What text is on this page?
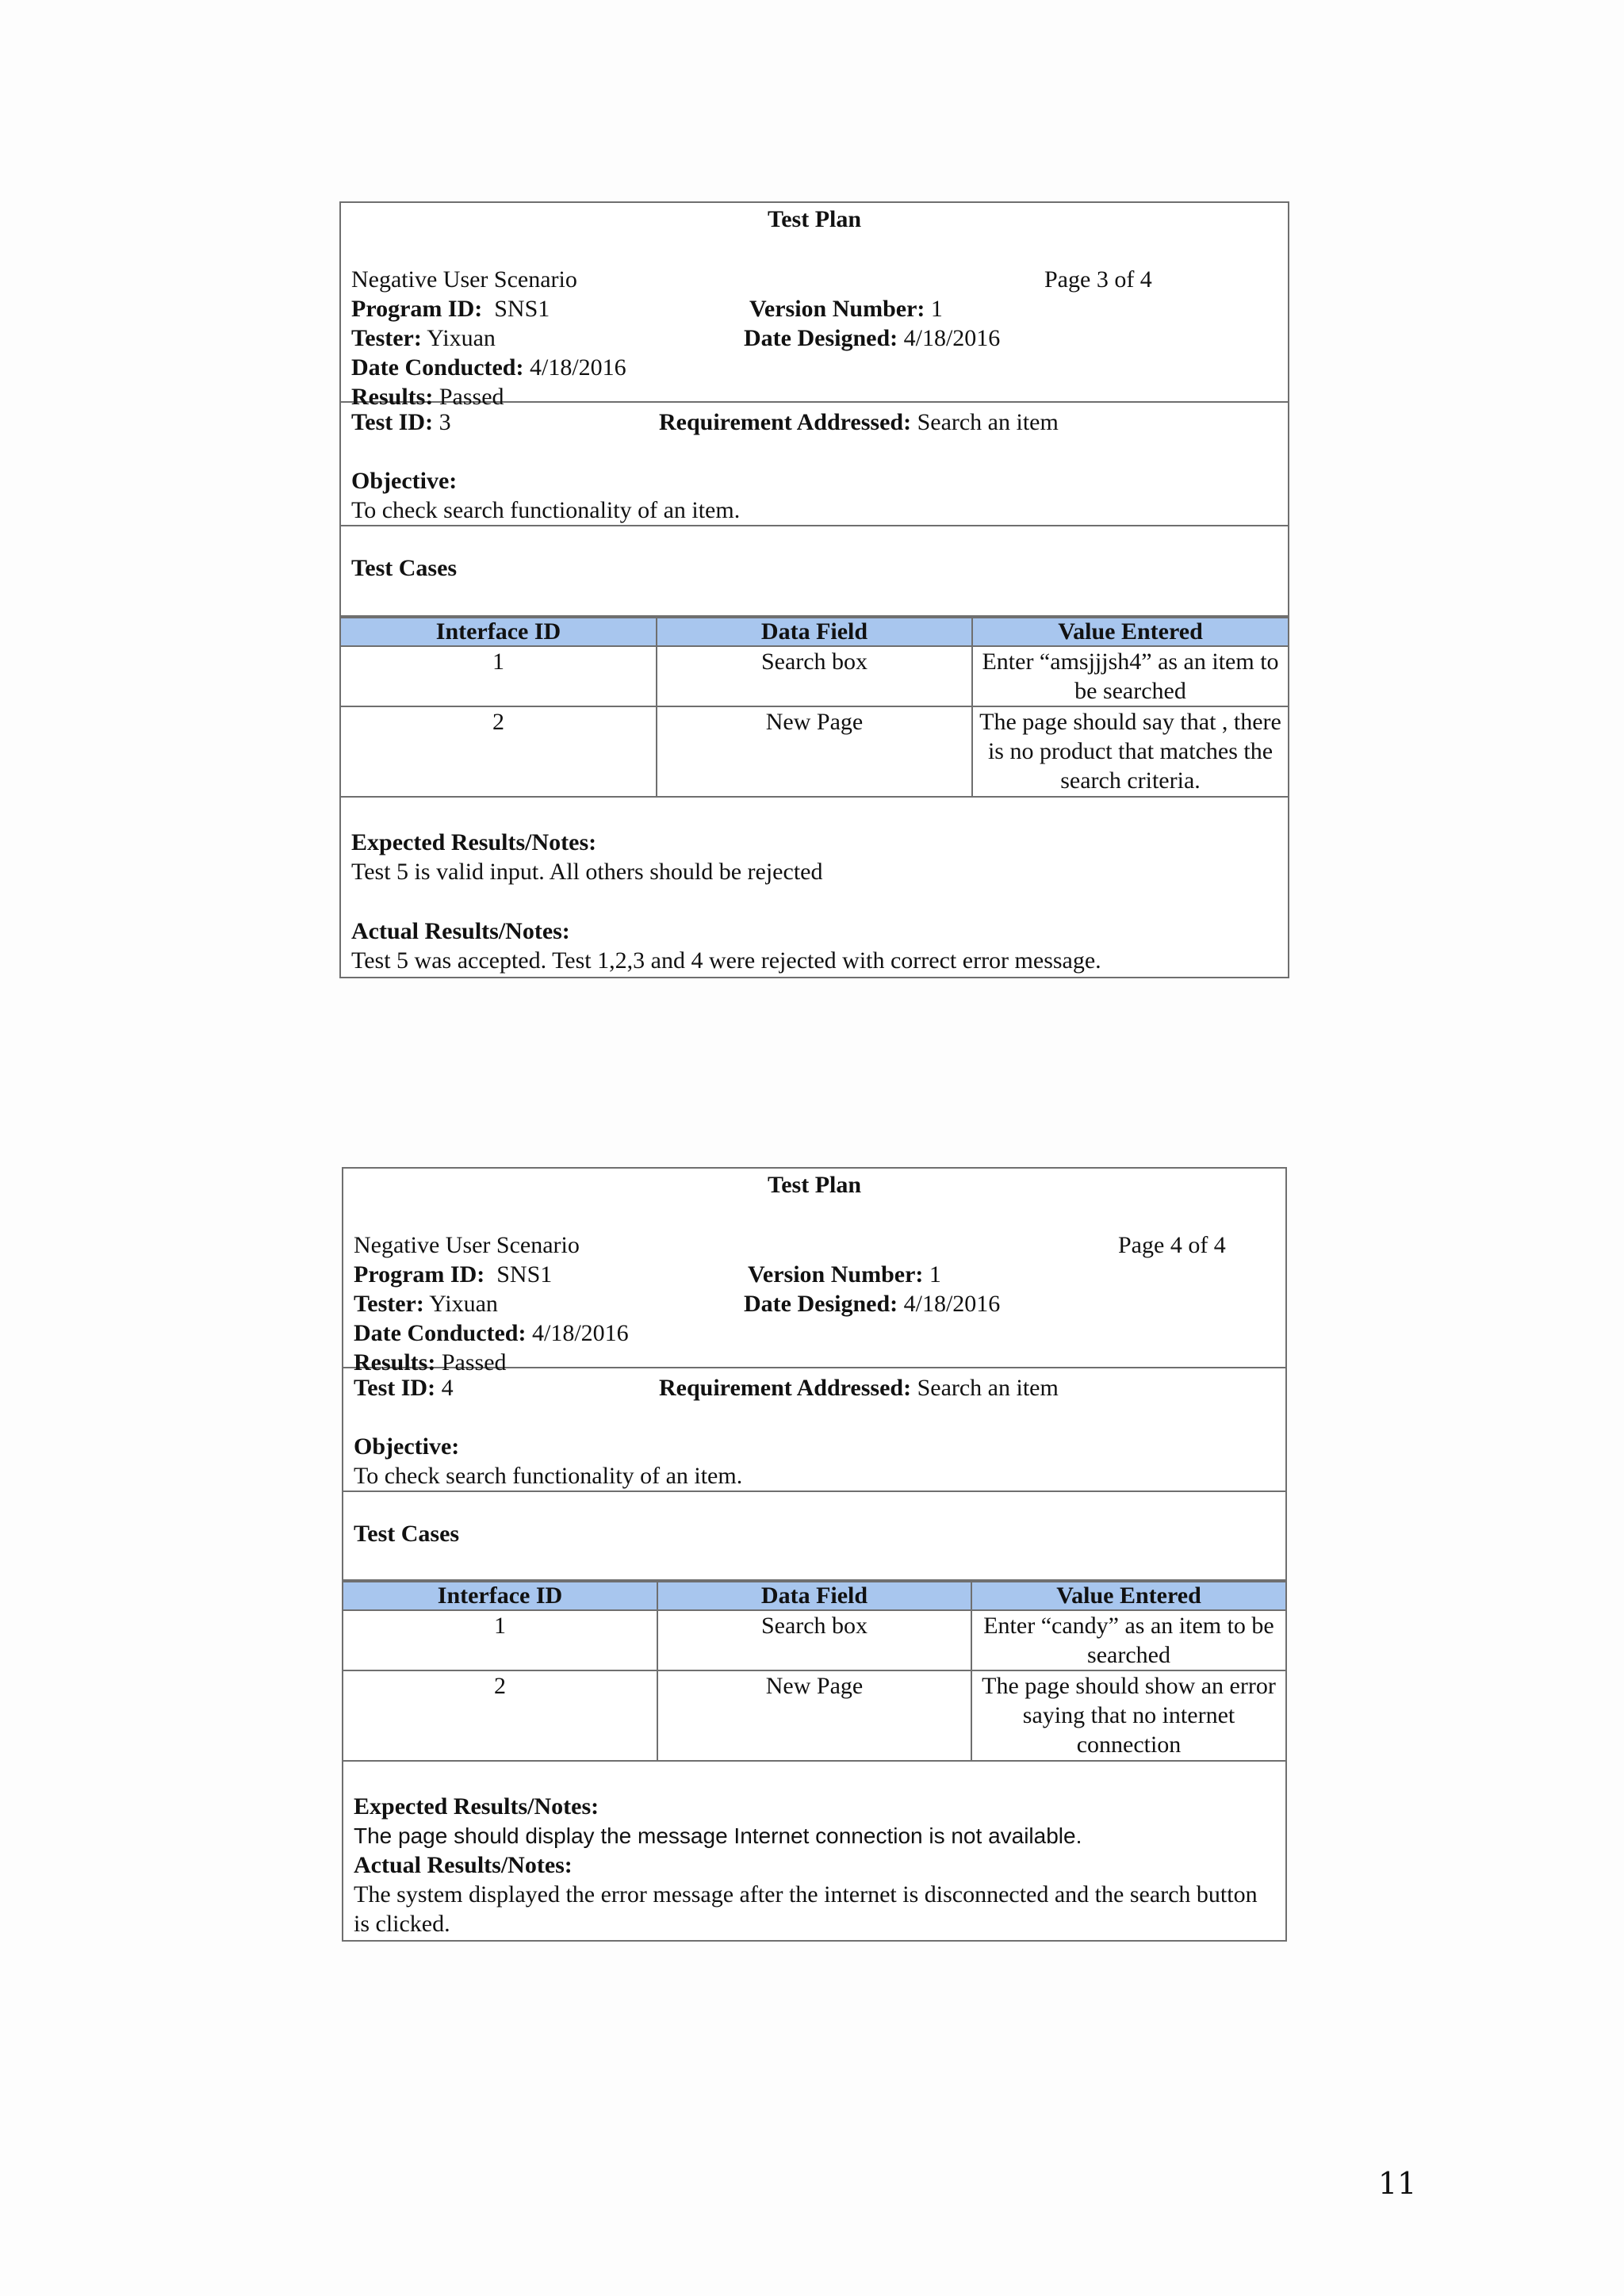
Test Plan
Negative User Scenario
Program ID: SNS1
Tester: Yixuan
Date Conducted: 4/18/2016
Results: Passed
Version Number: 1
Date Designed: 4/18/2016
Page 3 of 4
Test ID: 3	Requirement Addressed: Search an item
Objective:
To check search functionality of an item.
Test Cases
Interface ID	Data Field	Value Entered
1	Search box	Enter “amsjjjsh4” as an item to be searched
2	New Page	The page should say that , there is no product that matches the search criteria.
Expected Results/Notes:
Test 5 is valid input. All others should be rejected
Actual Results/Notes:
Test 5 was accepted. Test 1,2,3 and 4 were rejected with correct error message.
Test Plan
Negative User Scenario
Program ID: SNS1
Tester: Yixuan
Date Conducted: 4/18/2016
Results: Passed
Version Number: 1
Date Designed: 4/18/2016
Page 4 of 4
Test ID: 4	Requirement Addressed: Search an item
Objective:
To check search functionality of an item.
Test Cases
Interface ID	Data Field	Value Entered
1	Search box	Enter “candy” as an item to be searched
2	New Page	The page should show an error saying that no internet connection
Expected Results/Notes:
The page should display the message Internet connection is not available.
Actual Results/Notes:
The system displayed the error message after the internet is disconnected and the search button is clicked.
11
